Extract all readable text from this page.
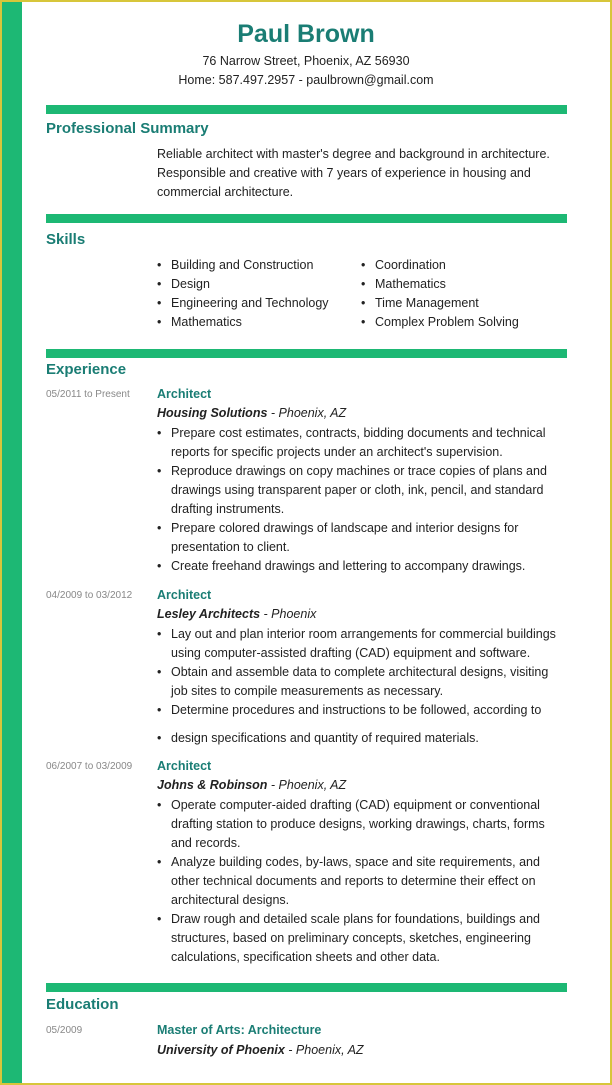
Paul Brown
76 Narrow Street, Phoenix, AZ 56930
Home: 587.497.2957 - paulbrown@gmail.com
Professional Summary
Reliable architect with master's degree and background in architecture. Responsible and creative with 7 years of experience in housing and commercial architecture.
Skills
• Building and Construction
• Design
• Engineering and Technology
• Mathematics
• Coordination
• Mathematics
• Time Management
• Complex Problem Solving
Experience
05/2011 to Present Architect
Housing Solutions - Phoenix, AZ
• Prepare cost estimates, contracts, bidding documents and technical reports for specific projects under an architect's supervision.
• Reproduce drawings on copy machines or trace copies of plans and drawings using transparent paper or cloth, ink, pencil, and standard drafting instruments.
• Prepare colored drawings of landscape and interior designs for presentation to client.
• Create freehand drawings and lettering to accompany drawings.
04/2009 to 03/2012 Architect
Lesley Architects - Phoenix
• Lay out and plan interior room arrangements for commercial buildings using computer-assisted drafting (CAD) equipment and software.
• Obtain and assemble data to complete architectural designs, visiting job sites to compile measurements as necessary.
• Determine procedures and instructions to be followed, according to
• design specifications and quantity of required materials.
06/2007 to 03/2009 Architect
Johns & Robinson - Phoenix, AZ
• Operate computer-aided drafting (CAD) equipment or conventional drafting station to produce designs, working drawings, charts, forms and records.
• Analyze building codes, by-laws, space and site requirements, and other technical documents and reports to determine their effect on architectural designs.
• Draw rough and detailed scale plans for foundations, buildings and structures, based on preliminary concepts, sketches, engineering calculations, specification sheets and other data.
Education
05/2009	Master of Arts: Architecture
University of Phoenix - Phoenix, AZ
